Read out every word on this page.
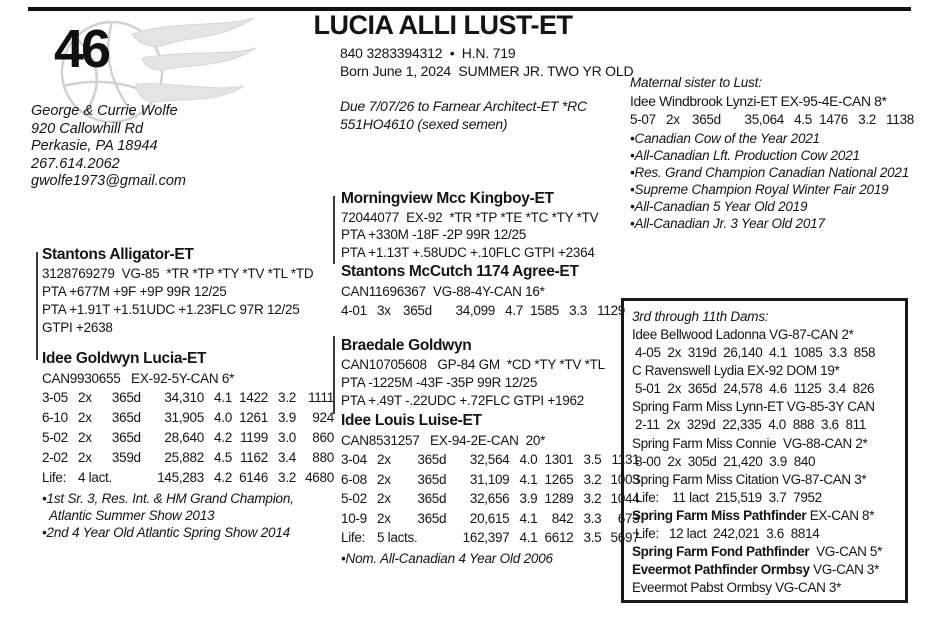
46	LUCIA ALLI LUST-ET
840 3283394312  •  H.N. 719
Born June 1, 2024  SUMMER JR. TWO YR OLD
Due 7/07/26 to Farnear Architect-ET *RC
551HO4610 (sexed semen)
George & Currie Wolfe
920 Callowhill Rd
Perkasie, PA 18944
267.614.2062
gwolfe1973@gmail.com
Maternal sister to Lust:
Idee Windbrook Lynzi-ET EX-95-4E-CAN 8*
5-07	2x	365d	35,064	4.5	1476	3.2	1138
•Canadian Cow of the Year 2021
•All-Canadian Lft. Production Cow 2021
•Res. Grand Champion Canadian National 2021
•Supreme Champion Royal Winter Fair 2019
•All-Canadian 5 Year Old 2019
•All-Canadian Jr. 3 Year Old 2017
Stantons Alligator-ET
3128769279  VG-85  *TR *TP *TY *TV *TL *TD
PTA +677M +9F +9P 99R 12/25
PTA +1.91T +1.51UDC +1.23FLC 97R 12/25
GTPI +2638
Idee Goldwyn Lucia-ET
CAN9930655   EX-92-5Y-CAN 6*
3-05	2x	365d	34,310	4.1	1422	3.2	1111
6-10	2x	365d	31,905	4.0	1261	3.9	924
5-02	2x	365d	28,640	4.2	1199	3.0	860
2-02	2x	359d	25,882	4.5	1162	3.4	880
Life:	4 lact.		145,283	4.2	6146	3.2	4680
•1st Sr. 3, Res. Int. & HM Grand Champion, Atlantic Summer Show 2013
•2nd 4 Year Old Atlantic Spring Show 2014
Morningview Mcc Kingboy-ET
72044077  EX-92  *TR *TP *TE *TC *TY *TV
PTA +330M -18F -2P 99R 12/25
PTA +1.13T +.58UDC +.10FLC GTPI +2364
Stantons McCutch 1174 Agree-ET
CAN11696367  VG-88-4Y-CAN 16*
4-01	3x	365d	34,099	4.7	1585	3.3	1129
Braedale Goldwyn
CAN10705608   GP-84 GM  *CD *TY *TV *TL
PTA -1225M -43F -35P 99R 12/25
PTA +.49T -.22UDC +.72FLC GTPI +1962
Idee Louis Luise-ET
CAN8531257   EX-94-2E-CAN  20*
3-04	2x	365d	32,564	4.0	1301	3.5	1131
6-08	2x	365d	31,109	4.1	1265	3.2	1003
5-02	2x	365d	32,656	3.9	1289	3.2	1044
10-9	2x	365d	20,615	4.1	842	3.3	673
Life:	5 lacts.		162,397	4.1	6612	3.5	5697
•Nom. All-Canadian 4 Year Old 2006
3rd through 11th Dams:
Idee Bellwood Ladonna VG-87-CAN 2*
4-05  2x  319d  26,140  4.1  1085  3.3  858
C Ravenswell Lydia EX-92 DOM 19*
5-01  2x  365d  24,578  4.6  1125  3.4  826
Spring Farm Miss Lynn-ET VG-85-3Y CAN
2-11  2x  329d  22,335  4.0  888  3.6  811
Spring Farm Miss Connie  VG-88-CAN 2*
8-00  2x  305d  21,420  3.9  840
Spring Farm Miss Citation VG-87-CAN 3*
Life:    11 lact  215,519  3.7  7952
Spring Farm Miss Pathfinder EX-CAN 8*
Life:   12 lact  242,021  3.6  8814
Spring Farm Fond Pathfinder  VG-CAN 5*
Eveermot Pathfinder Ormbsy VG-CAN 3*
Eveermot Pabst Ormbsy VG-CAN 3*
